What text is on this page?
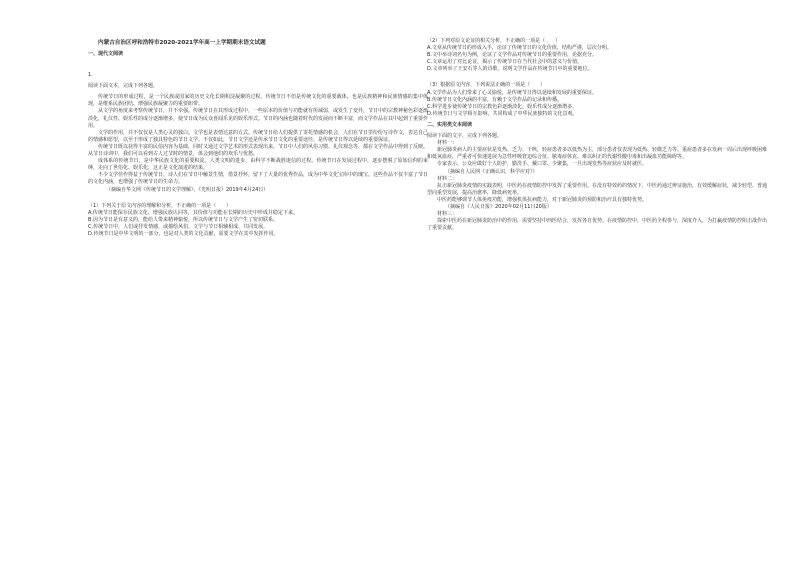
内蒙古自治区呼和浩特市2020-2021学年高一上学期期末语文试题

一、现代文阅读

1.

阅读下面文本，完成下列各题。

传统节日的形成过程，是一个民族或国家的历史文化长期积淀凝聚的过程。传统节日不但是传统文化的重要载体，也是民族精神和民族情感的集中体现，是维系民族团结、增强民族凝聚力的重要纽带。

从文学的角度来考察传统节日，并不牵强。传统节日在其形成过程中，一些原本的价值与功能就有所减弱，或发生了变异，节日中的宗教神秘色彩逐渐淡化，礼仪性、娱乐性的成分逐渐增多，使节日成为民众喜闻乐见的娱乐形式。节日的内涵也随着时代的发展而不断丰富，而文学作品在其中起到了重要作用。

文学的作用，并不仅仅是人类心灵的独白。文学也是表情达意的方式。传统节日给人们提供了寄托情感的机会，人们在节日里纷纷写诗作文，表达自己的情感和愿望，以至于形成了独具特色的节日文学。不仅如此，节日文学还是传承节日文化的重要途径，是传统节日得以延续的重要保证。

传统节日既以获得丰富的民俗内容为基础，同时又通过文学艺术的形式表现出来。节日中人们的风俗习惯、礼仪观念等，都在文学作品中得到了反映。从节日诗词中，我们可以看到古人过节时的情景，体会到他们的欢乐与忧愁。

成体系的传统节日，是中华民族文化的重要积淀。人类文明的进步，由科学不断战胜迷信的过程。传统节日在发展过程中，逐步摆脱了原始信仰的束缚，走向了世俗化、娱乐化，这正是文化演进的结果。

不少文学佳作得益于传统节日。诗人们在节日中触景生情，借景抒怀，留下了大量的优秀作品，成为中华文化宝库中的瑰宝。这些作品不仅丰富了节日的文化内涵，也增强了传统节日的生命力。

（摘编自华文网《传统节日的文学理解》，《光明日报》2019年4月24日）

（1）下列关于原文内容的理解和分析，不正确的一项是（　　）

A.传统节日能保存民族文化、增强民族认同等，其价值与功能在长期的历史中形成并稳定下来。

B.因为节日是有意义的，能给人带来精神愉悦，所以传统节日与文学产生了密切联系。

C.传统节日中，人们或抒发情感，或描绘风俗，文学与节日相辅相成、共同发展。

D.传统节日是中华文明的一部分，也是对人类的文化贡献，需要文学在其中发挥作用。

（2）下列对原文论证的相关分析，不正确的一项是（　　）

A.文章从传统节日的形成入手，论证了传统节日的文化价值，结构严谨，层次分明。

B.文中举诗词名句为例，论证了文学作品对传统节日的重要作用，论据充分。

C.文章运用了对比论证，揭示了传统节日在当代社会中的意义与价值。

D.文章列举了王安石等人的诗歌，说明文学作品在传统节日中的重要地位。

（3）根据原文内容，下列说法正确的一项是（　　）

A.文学作品为人们带来了心灵愉悦，是传统节日得以延续和发展的重要保证。

B.传统节日文化内涵的丰富，有赖于文学作品的记录和传播。

C.科学进步使传统节日的宗教色彩逐渐淡化，娱乐性成分逐渐增多。

D.传统节日与文学相互影响，共同构成了中华民族独特的文化景观。

二、实用类文本阅读

阅读下面的文字，完成下列各题。

材料一：

新冠肺炎病人的主要症状是发热、乏力、干咳，轻症患者多以低热为主，部分患者仅表现为低热、轻微乏力等。重症患者多在发病一周后出现呼吸困难和低氧血症，严重者可快速进展为急性呼吸窘迫综合征、脓毒症休克、难以纠正的代谢性酸中毒和出凝血功能障碍等。

专家表示，公众应做好个人防护，勤洗手、戴口罩、少聚集，一旦出现发热等症状应及时就医。

（摘编自人民网《正确认识，科学应对》）

材料二：

抗击新冠肺炎疫情的实践表明，中医药在疫情防控中发挥了重要作用。在没有特效药的情况下，中医药通过辨证施治，有效缓解症状，减少轻型、普通型向重型发展，提高治愈率，降低病死率。

中医药能够调节人体免疫功能，增强机体抗病能力，对于新冠肺炎的预防和治疗具有独特优势。

（摘编自《人民日报》2020年02月11日20版）

材料三：

探索中医药在新冠肺炎防治中的作用，需要坚持中西医结合，发挥各自优势。在疫情防控中，中医药全程参与，深度介入，为打赢疫情防控阻击战作出了重要贡献。
